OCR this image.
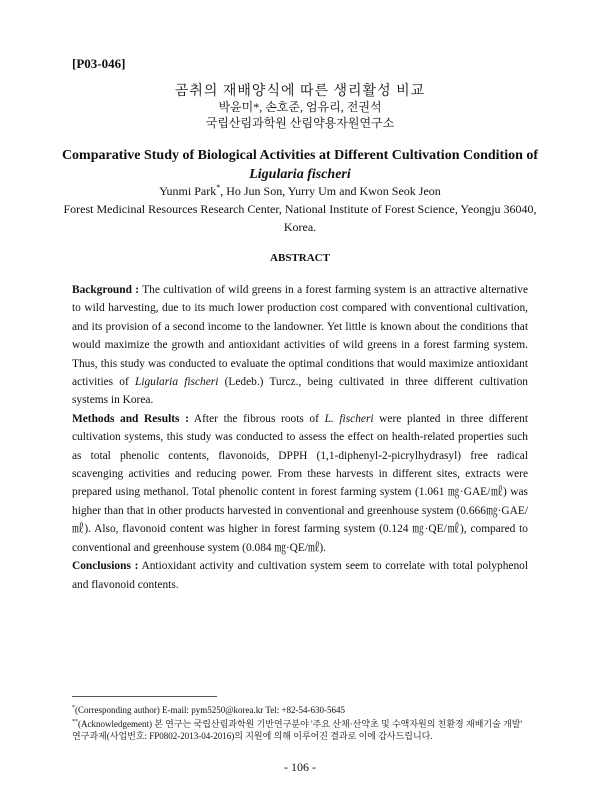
[P03-046]
곰취의 재배양식에 따른 생리활성 비교
박윤미*, 손호준, 엄유리, 전권석
국립산림과학원 산림약용자원연구소
Comparative Study of Biological Activities at Different Cultivation Condition of
Ligularia fischeri
Yunmi Park*, Ho Jun Son, Yurry Um and Kwon Seok Jeon
Forest Medicinal Resources Research Center, National Institute of Forest Science, Yeongju 36040, Korea.
ABSTRACT

Background : The cultivation of wild greens in a forest farming system is an attractive alternative to wild harvesting, due to its much lower production cost compared with conventional cultivation, and its provision of a second income to the landowner. Yet little is known about the conditions that would maximize the growth and antioxidant activities of wild greens in a forest farming system. Thus, this study was conducted to evaluate the optimal conditions that would maximize antioxidant activities of Ligularia fischeri (Ledeb.) Turcz., being cultivated in three different cultivation systems in Korea.

Methods and Results : After the fibrous roots of L. fischeri were planted in three different cultivation systems, this study was conducted to assess the effect on health-related properties such as total phenolic contents, flavonoids, DPPH (1,1-diphenyl-2-picrylhydrasyl) free radical scavenging activities and reducing power. From these harvests in different sites, extracts were prepared using methanol. Total phenolic content in forest farming system (1.061 ㎎·GAE/㎖) was higher than that in other products harvested in conventional and greenhouse system (0.666㎎·GAE/㎖). Also, flavonoid content was higher in forest farming system (0.124 ㎎·QE/㎖), compared to conventional and greenhouse system (0.084 ㎎·QE/㎖).

Conclusions : Antioxidant activity and cultivation system seem to correlate with total polyphenol and flavonoid contents.

*(Corresponding author) E-mail: pym5250@korea.kr Tel: +82-54-630-5645

**(Acknowledgement) 본 연구는 국립산림과학원 기반연구분야 '주요 산채·산약초 및 수액자원의 친환경 재배기술 개발' 연구과제(사업번호: FP0802-2013-04-2016)의 지원에 의해 이루어진 결과로 이에 감사드립니다.

- 106 -
